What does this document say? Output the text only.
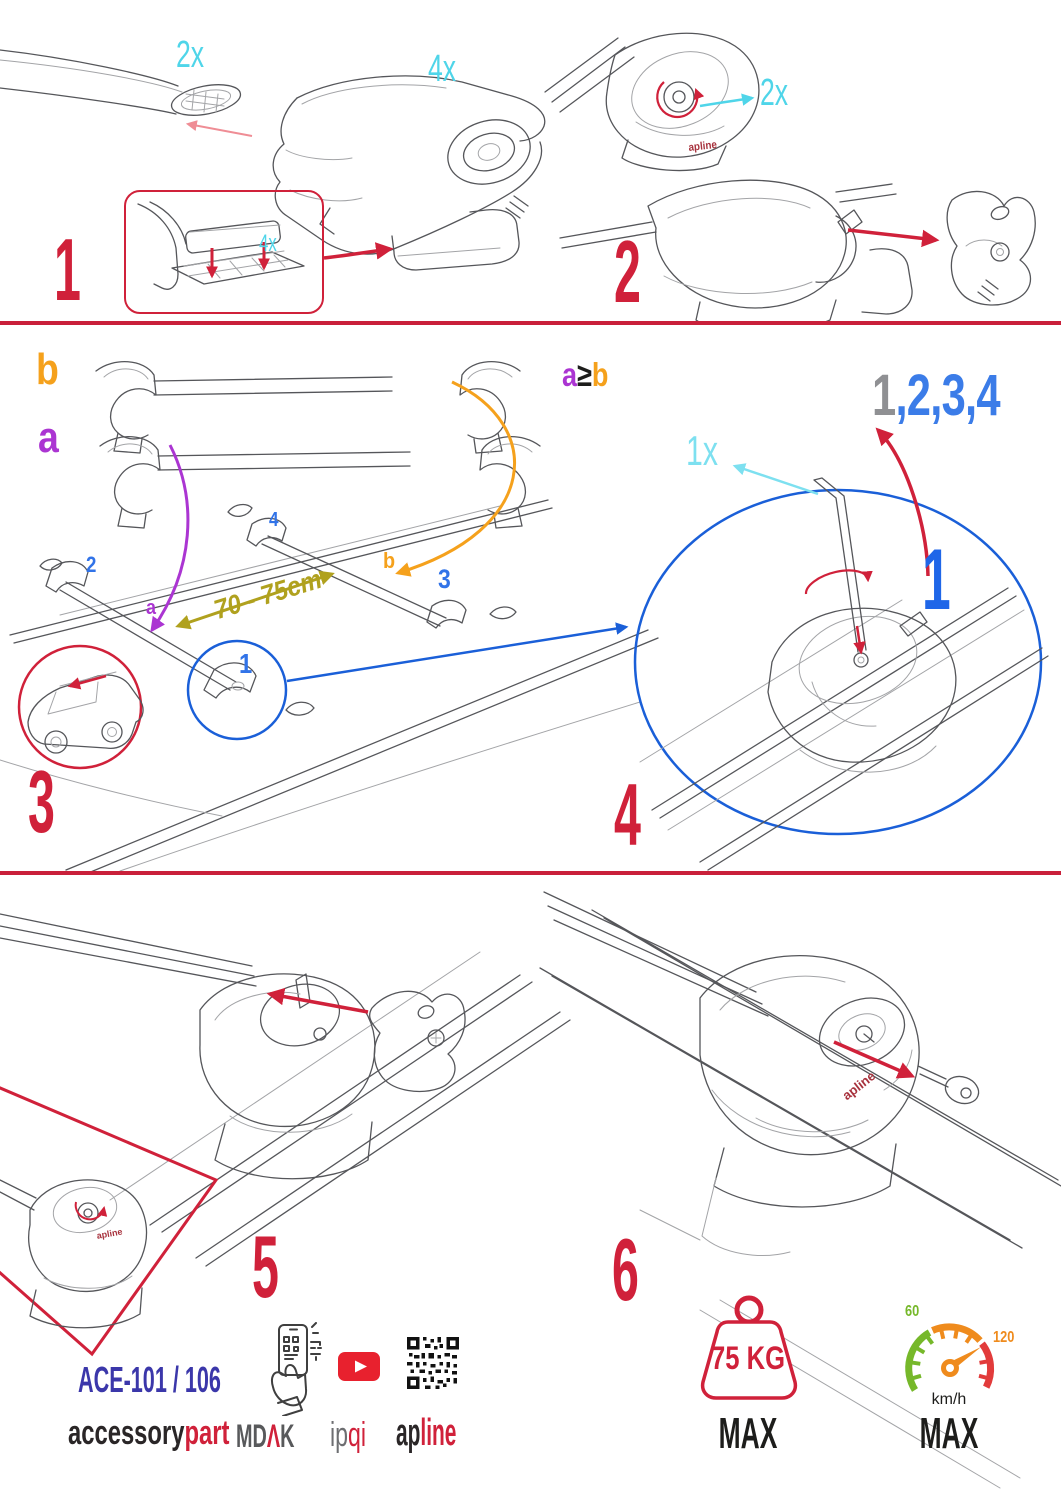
2x	4x
4x
1
2x
apline
2
b
a
2
4
b
3
a	70 - 75cm
1
3
a≥b	1,2,3,4
1x
1
4
apline 5
apline
6
ACE-101 / 106
accessorypart MDΛK ipqi apline
75 KG
MAX
60
120
km/h
MAX
